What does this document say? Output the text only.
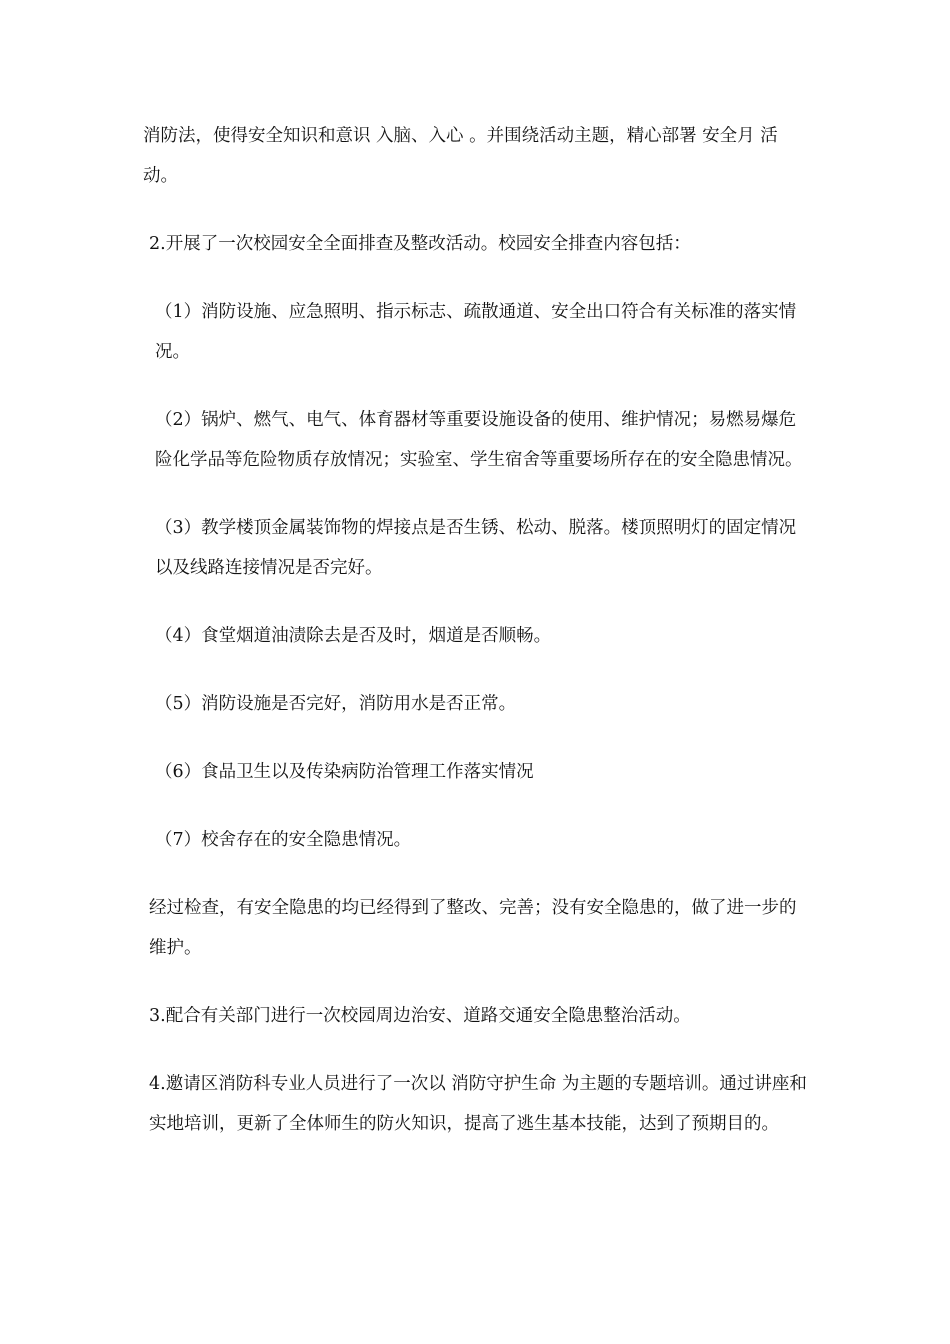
消防法，使得安全知识和意识 入脑、入心 。并围绕活动主题，精心部署 安全月 活动。

2.开展了一次校园安全全面排查及整改活动。校园安全排查内容包括：

（1）消防设施、应急照明、指示标志、疏散通道、安全出口符合有关标准的落实情况。

（2）锅炉、燃气、电气、体育器材等重要设施设备的使用、维护情况；易燃易爆危险化学品等危险物质存放情况；实验室、学生宿舍等重要场所存在的安全隐患情况。

（3）教学楼顶金属装饰物的焊接点是否生锈、松动、脱落。楼顶照明灯的固定情况以及线路连接情况是否完好。

（4）食堂烟道油渍除去是否及时，烟道是否顺畅。

（5）消防设施是否完好，消防用水是否正常。

（6）食品卫生以及传染病防治管理工作落实情况

（7）校舍存在的安全隐患情况。

经过检查，有安全隐患的均已经得到了整改、完善；没有安全隐患的，做了进一步的维护。

3.配合有关部门进行一次校园周边治安、道路交通安全隐患整治活动。

4.邀请区消防科专业人员进行了一次以 消防守护生命 为主题的专题培训。通过讲座和实地培训，更新了全体师生的防火知识，提高了逃生基本技能，达到了预期目的。
